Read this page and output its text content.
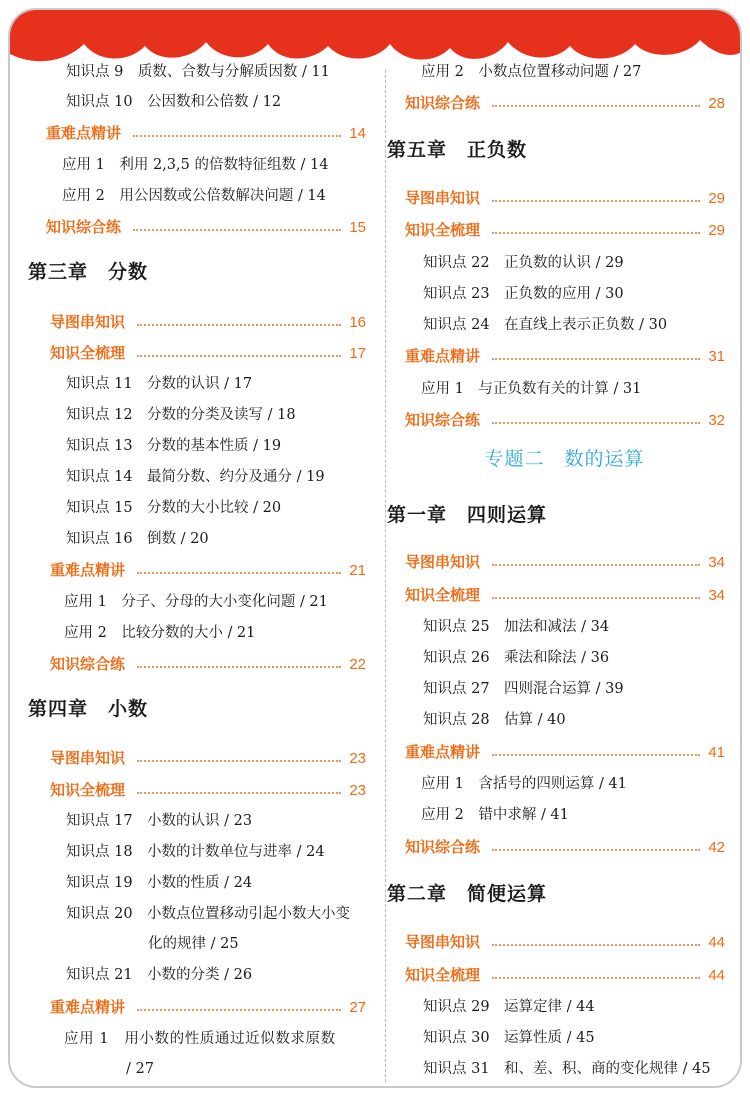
知识点 9　质数、合数与分解质因数 / 11
知识点 10　公因数和公倍数 / 12
重难点精讲	14
应用 1　利用 2,3,5 的倍数特征组数 / 14
应用 2　用公因数或公倍数解决问题 / 14
知识综合练	15
第三章　分数
导图串知识	16
知识全梳理	17
知识点 11　分数的认识 / 17
知识点 12　分数的分类及读写 / 18
知识点 13　分数的基本性质 / 19
知识点 14　最简分数、约分及通分 / 19
知识点 15　分数的大小比较 / 20
知识点 16　倒数 / 20
重难点精讲	21
应用 1　分子、分母的大小变化问题 / 21
应用 2　比较分数的大小 / 21
知识综合练	22
第四章　小数
导图串知识	23
知识全梳理	23
知识点 17　小数的认识 / 23
知识点 18　小数的计数单位与进率 / 24
知识点 19　小数的性质 / 24
知识点 20　小数点位置移动引起小数大小变
化的规律 / 25
知识点 21　小数的分类 / 26
重难点精讲	27
应用 1　用小数的性质通过近似数求原数
/ 27
应用 2　小数点位置移动问题 / 27
知识综合练	28
第五章　正负数
导图串知识	29
知识全梳理	29
知识点 22　正负数的认识 / 29
知识点 23　正负数的应用 / 30
知识点 24　在直线上表示正负数 / 30
重难点精讲	31
应用 1　与正负数有关的计算 / 31
知识综合练	32
专题二　数的运算
第一章　四则运算
导图串知识	34
知识全梳理	34
知识点 25　加法和减法 / 34
知识点 26　乘法和除法 / 36
知识点 27　四则混合运算 / 39
知识点 28　估算 / 40
重难点精讲	41
应用 1　含括号的四则运算 / 41
应用 2　错中求解 / 41
知识综合练	42
第二章　简便运算
导图串知识	44
知识全梳理	44
知识点 29　运算定律 / 44
知识点 30　运算性质 / 45
知识点 31　和、差、积、商的变化规律 / 45
